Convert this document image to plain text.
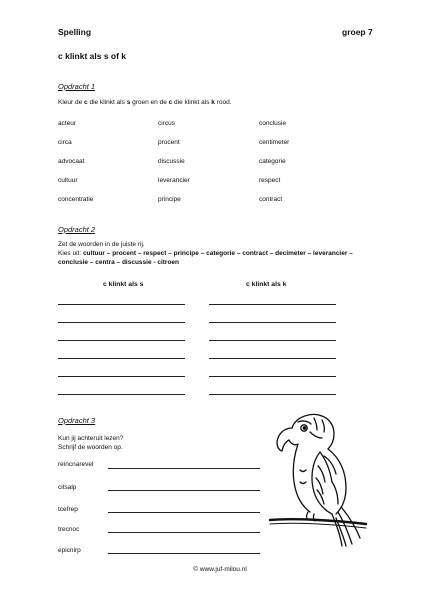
Spelling	groep 7
c klinkt als s of k
Opdracht 1
Kleur de c die klinkt als s groen en de c die klinkt als k rood.
acteur
circa
advocaat
cultuur
concentratie
circus
procent
discussie
leverancier
principe
conclusie
centimeter
categorie
respect
contract
Opdracht 2
Zet de woorden in de juiste rij.
Kies uit: cultuur – procent – respect – principe – categorie – contract – decimeter – leverancier –
conclusie – centra – discussie - citroen
c klinkt als s	c klinkt als k
Opdracht 3
Kun jij achteruit lezen?
Schrijf de woorden op.
reincnarevel
citsalp
tcefrep
trecnoc
epicnirp
© www.juf-milou.nl
